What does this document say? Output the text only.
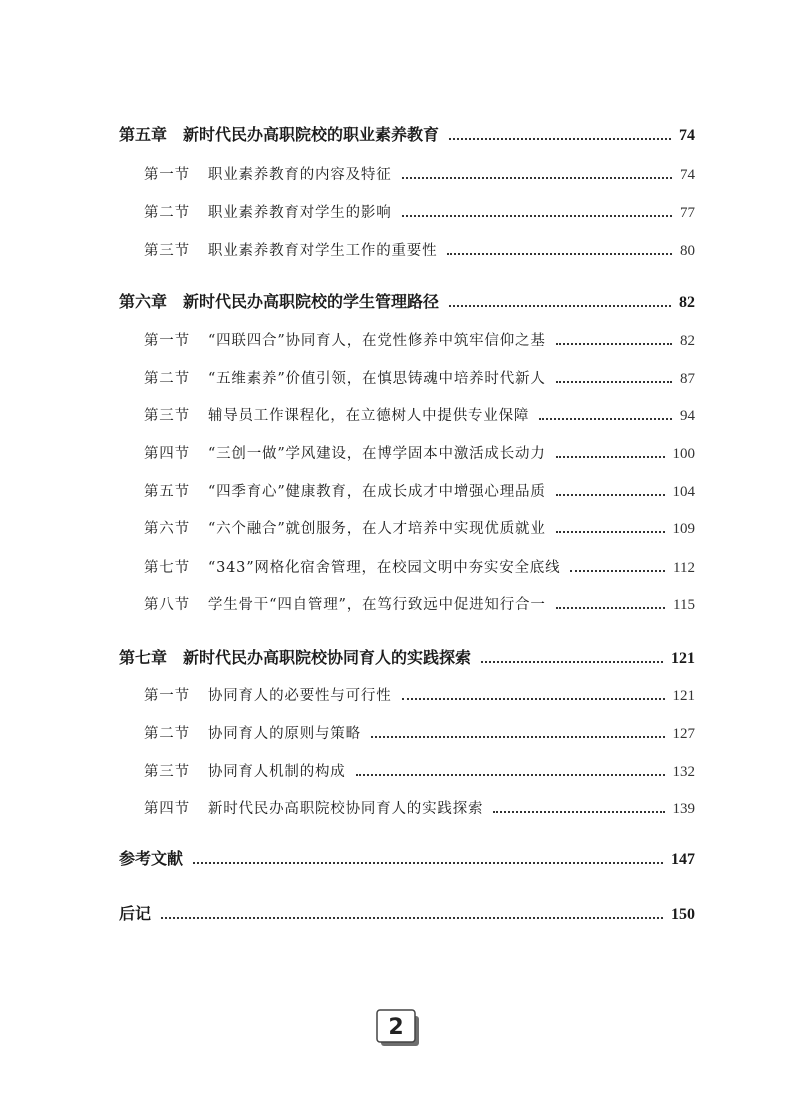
第五章 新时代民办高职院校的职业素养教育	74
第一节 职业素养教育的内容及特征	74
第二节 职业素养教育对学生的影响	77
第三节 职业素养教育对学生工作的重要性	80
第六章 新时代民办高职院校的学生管理路径	82
第一节 “四联四合”协同育人，在党性修养中筑牢信仰之基	82
第二节 “五维素养”价值引领，在慎思铸魂中培养时代新人	87
第三节 辅导员工作课程化，在立德树人中提供专业保障	94
第四节 “三创一做”学风建设，在博学固本中激活成长动力	100
第五节 “四季育心”健康教育，在成长成才中增强心理品质	104
第六节 “六个融合”就创服务，在人才培养中实现优质就业	109
第七节 “343”网格化宿舍管理，在校园文明中夯实安全底线	112
第八节 学生骨干“四自管理”，在笃行致远中促进知行合一	115
第七章 新时代民办高职院校协同育人的实践探索	121
第一节 协同育人的必要性与可行性	121
第二节 协同育人的原则与策略	127
第三节 协同育人机制的构成	132
第四节 新时代民办高职院校协同育人的实践探索	139
参考文献	147
后记	150
2
